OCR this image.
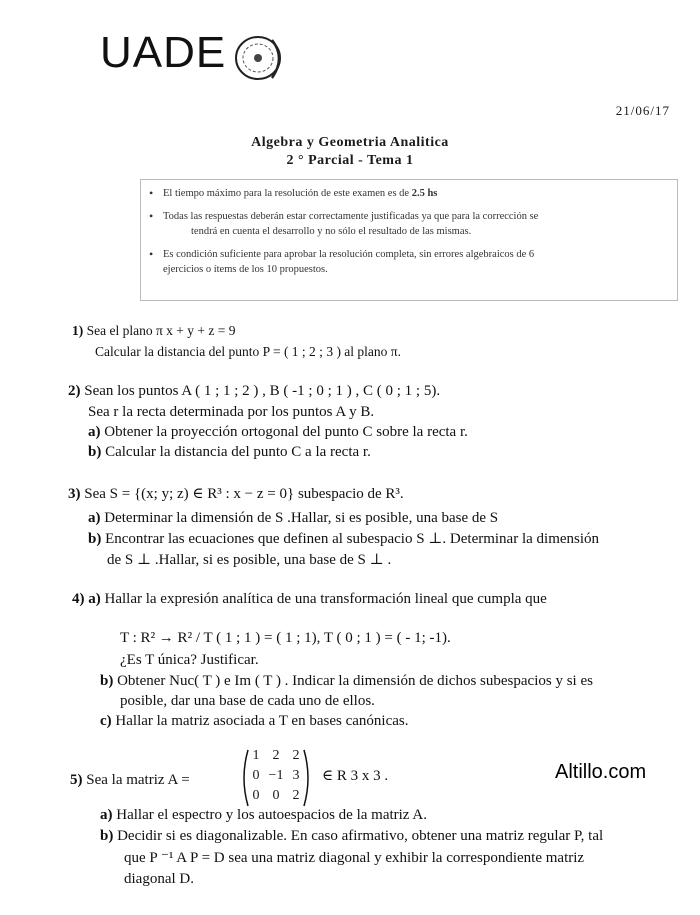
UADE
21/06/17
Algebra y Geometria Analitica
2 ° Parcial - Tema 1
• El tiempo máximo para la resolución de este examen es de 2.5 hs
• Todas las respuestas deberán estar correctamente justificadas ya que para la corrección se
tendrá en cuenta el desarrollo y no sólo el resultado de las mismas.
• Es condición suficiente para aprobar la resolución completa, sin errores algebraicos de 6
ejercicios o ítems de los 10 propuestos.
1) Sea el plano π x + y + z = 9
Calcular la distancia del punto P = ( 1 ; 2 ; 3 ) al plano π.
2) Sean los puntos A ( 1 ; 1 ; 2 ) , B ( -1 ; 0 ; 1 ) , C ( 0 ; 1 ; 5).
Sea r la recta determinada por los puntos A y B.
a) Obtener la proyección ortogonal del punto C sobre la recta r.
b) Calcular la distancia del punto C a la recta r.
3) Sea S = {(x; y; z) ∈ R³ : x − z = 0} subespacio de R³.
a) Determinar la dimensión de S .Hallar, si es posible, una base de S
b) Encontrar las ecuaciones que definen al subespacio S ⊥. Determinar la dimensión
de S ⊥ .Hallar, si es posible, una base de S ⊥ .
4) a) Hallar la expresión analítica de una transformación lineal que cumpla que
T : R² → R² / T ( 1 ; 1 ) = ( 1 ; 1), T ( 0 ; 1 ) = ( - 1; -1).
¿Es T única? Justificar.
b) Obtener Nuc( T ) e Im ( T ) . Indicar la dimensión de dichos subespacios y si es
posible, dar una base de cada uno de ellos.
c) Hallar la matriz asociada a T en bases canónicas.
5) Sea la matriz A =
1 2 2
0 −1 3
0 0 2
∈ R 3 x 3 .
a) Hallar el espectro y los autoespacios de la matriz A.
b) Decidir si es diagonalizable. En caso afirmativo, obtener una matriz regular P, tal
que P ⁻¹ A P = D sea una matriz diagonal y exhibir la correspondiente matriz
diagonal D.
Altillo.com
